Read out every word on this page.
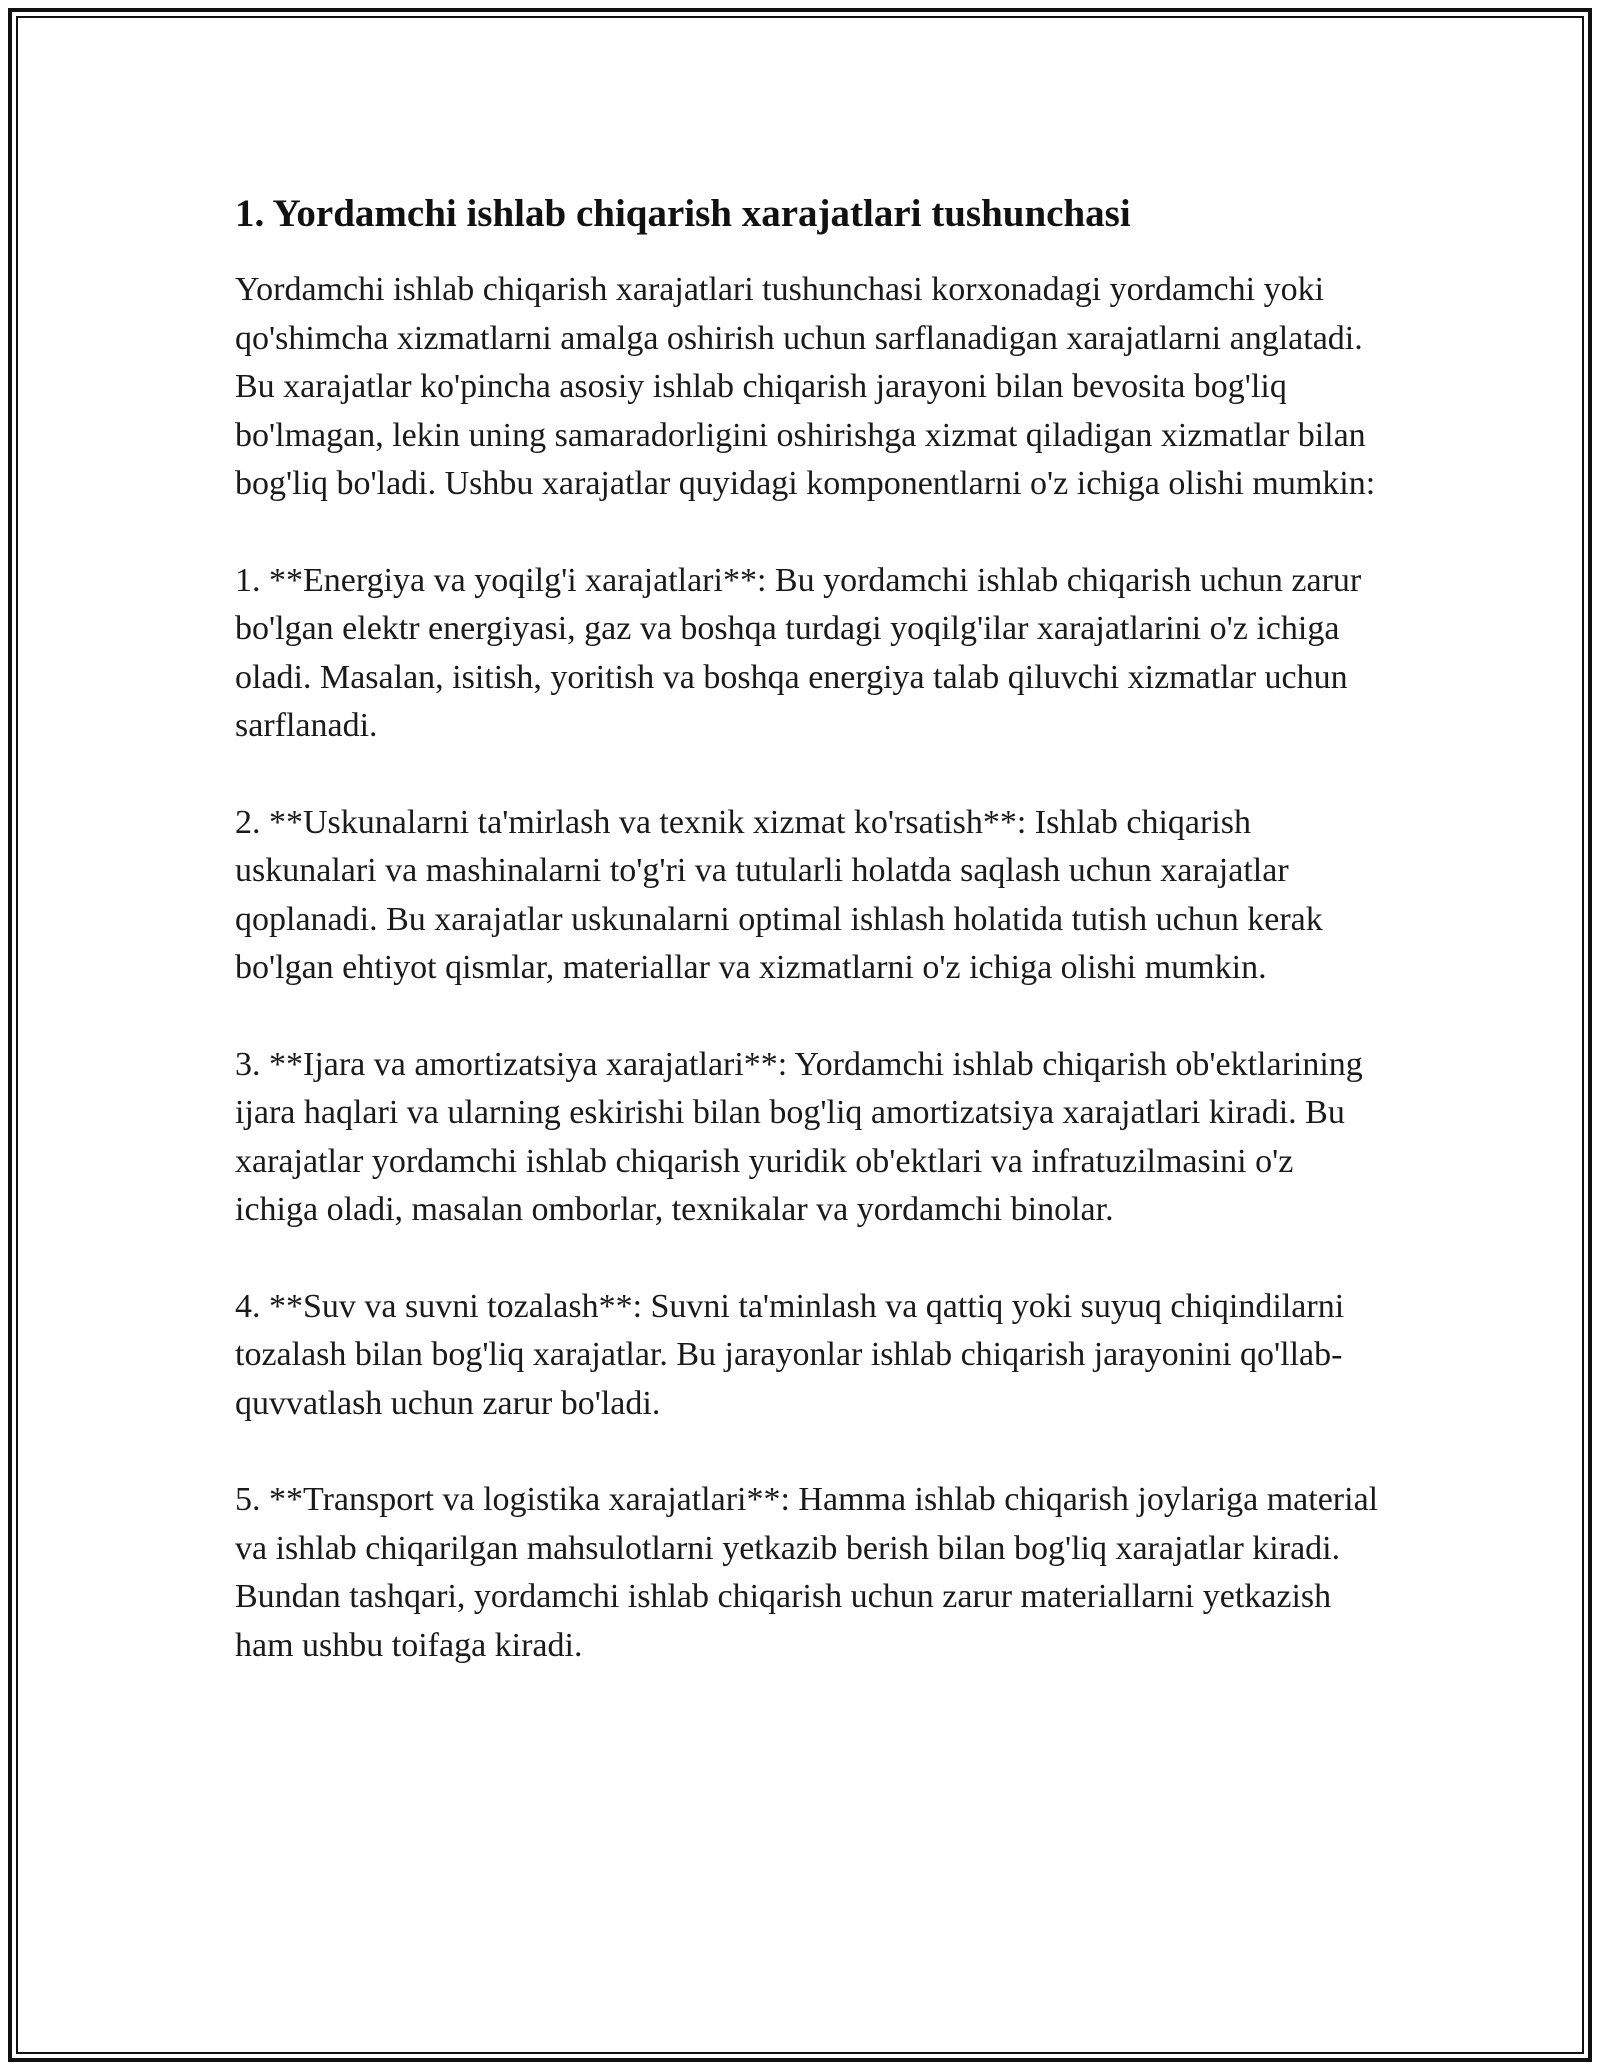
1. Yordamchi ishlab chiqarish xarajatlari tushunchasi

Yordamchi ishlab chiqarish xarajatlari tushunchasi korxonadagi yordamchi yoki qo'shimcha xizmatlarni amalga oshirish uchun sarflanadigan xarajatlarni anglatadi. Bu xarajatlar ko'pincha asosiy ishlab chiqarish jarayoni bilan bevosita bog'liq bo'lmagan, lekin uning samaradorligini oshirishga xizmat qiladigan xizmatlar bilan bog'liq bo'ladi. Ushbu xarajatlar quyidagi komponentlarni o'z ichiga olishi mumkin:

1. **Energiya va yoqilg'i xarajatlari**: Bu yordamchi ishlab chiqarish uchun zarur bo'lgan elektr energiyasi, gaz va boshqa turdagi yoqilg'ilar xarajatlarini o'z ichiga oladi. Masalan, isitish, yoritish va boshqa energiya talab qiluvchi xizmatlar uchun sarflanadi.

2. **Uskunalarni ta'mirlash va texnik xizmat ko'rsatish**: Ishlab chiqarish uskunalari va mashinalarni to'g'ri va tutularli holatda saqlash uchun xarajatlar qoplanadi. Bu xarajatlar uskunalarni optimal ishlash holatida tutish uchun kerak bo'lgan ehtiyot qismlar, materiallar va xizmatlarni o'z ichiga olishi mumkin.

3. **Ijara va amortizatsiya xarajatlari**: Yordamchi ishlab chiqarish ob'ektlarining ijara haqlari va ularning eskirishi bilan bog'liq amortizatsiya xarajatlari kiradi. Bu xarajatlar yordamchi ishlab chiqarish yuridik ob'ektlari va infratuzilmasini o'z ichiga oladi, masalan omborlar, texnikalar va yordamchi binolar.

4. **Suv va suvni tozalash**: Suvni ta'minlash va qattiq yoki suyuq chiqindilarni tozalash bilan bog'liq xarajatlar. Bu jarayonlar ishlab chiqarish jarayonini qo'llab-quvvatlash uchun zarur bo'ladi.

5. **Transport va logistika xarajatlari**: Hamma ishlab chiqarish joylariga material va ishlab chiqarilgan mahsulotlarni yetkazib berish bilan bog'liq xarajatlar kiradi. Bundan tashqari, yordamchi ishlab chiqarish uchun zarur materiallarni yetkazish ham ushbu toifaga kiradi.
